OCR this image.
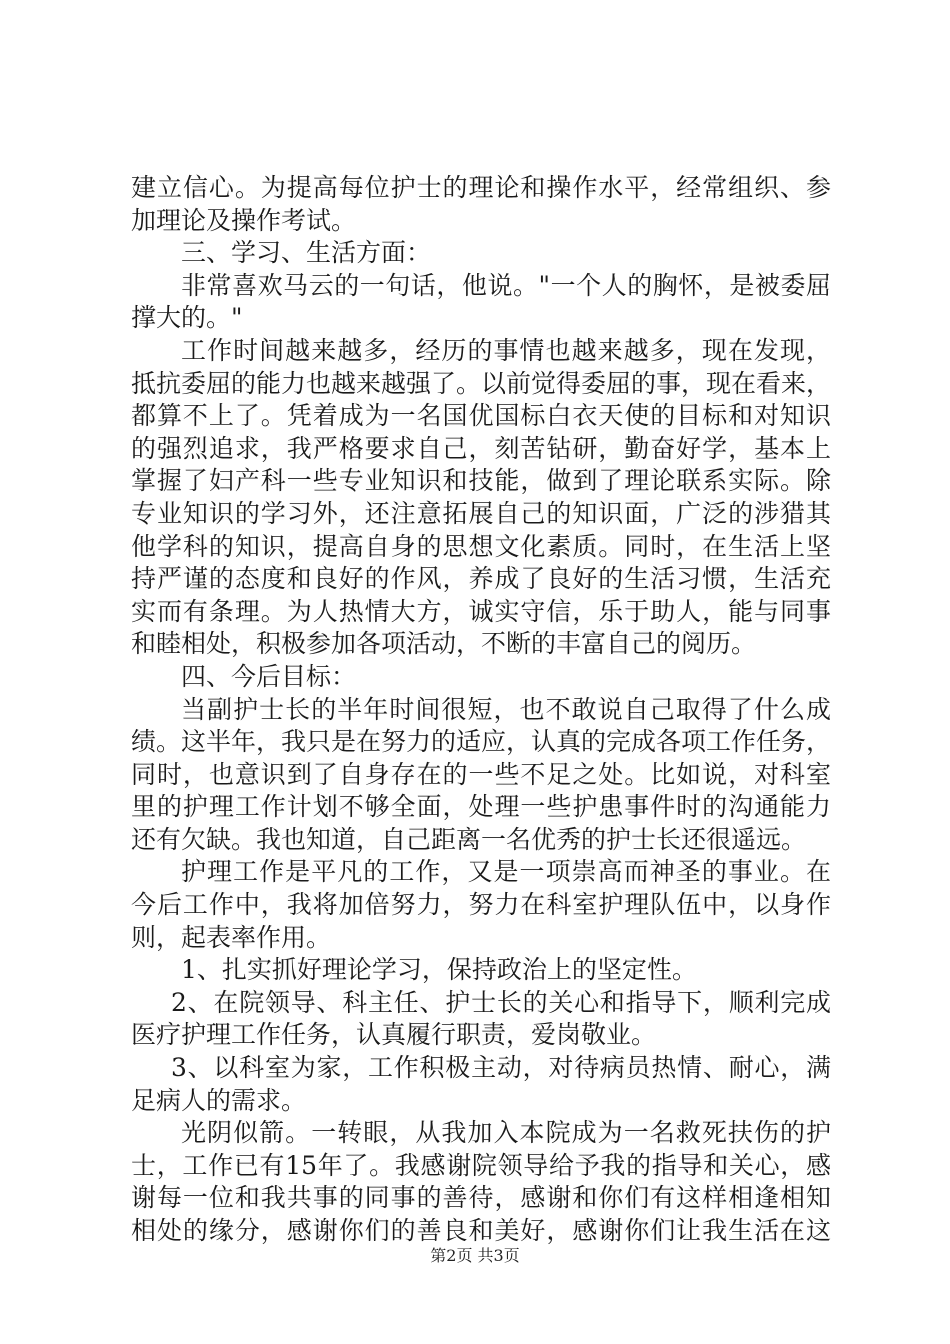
建立信心。为提高每位护士的理论和操作水平，经常组织、参
加理论及操作考试。
三、学习、生活方面：
非常喜欢马云的一句话，他说。"一个人的胸怀，是被委屈
撑大的。"
工作时间越来越多，经历的事情也越来越多，现在发现，
抵抗委屈的能力也越来越强了。以前觉得委屈的事，现在看来，
都算不上了。凭着成为一名国优国标白衣天使的目标和对知识
的强烈追求，我严格要求自己，刻苦钻研，勤奋好学，基本上
掌握了妇产科一些专业知识和技能，做到了理论联系实际。除
专业知识的学习外，还注意拓展自己的知识面，广泛的涉猎其
他学科的知识，提高自身的思想文化素质。同时，在生活上坚
持严谨的态度和良好的作风，养成了良好的生活习惯，生活充
实而有条理。为人热情大方，诚实守信，乐于助人，能与同事
和睦相处，积极参加各项活动，不断的丰富自己的阅历。
四、今后目标：
当副护士长的半年时间很短，也不敢说自己取得了什么成
绩。这半年，我只是在努力的适应，认真的完成各项工作任务，
同时，也意识到了自身存在的一些不足之处。比如说，对科室
里的护理工作计划不够全面，处理一些护患事件时的沟通能力
还有欠缺。我也知道，自己距离一名优秀的护士长还很遥远。
护理工作是平凡的工作，又是一项崇高而神圣的事业。在
今后工作中，我将加倍努力，努力在科室护理队伍中，以身作
则，起表率作用。
1、扎实抓好理论学习，保持政治上的坚定性。
2、在院领导、科主任、护士长的关心和指导下，顺利完成
医疗护理工作任务，认真履行职责，爱岗敬业。
3、以科室为家，工作积极主动，对待病员热情、耐心，满
足病人的需求。
光阴似箭。一转眼，从我加入本院成为一名救死扶伤的护
士，工作已有15年了。我感谢院领导给予我的指导和关心，感
谢每一位和我共事的同事的善待，感谢和你们有这样相逢相知
相处的缘分，感谢你们的善良和美好，感谢你们让我生活在这
第2页 共3页
